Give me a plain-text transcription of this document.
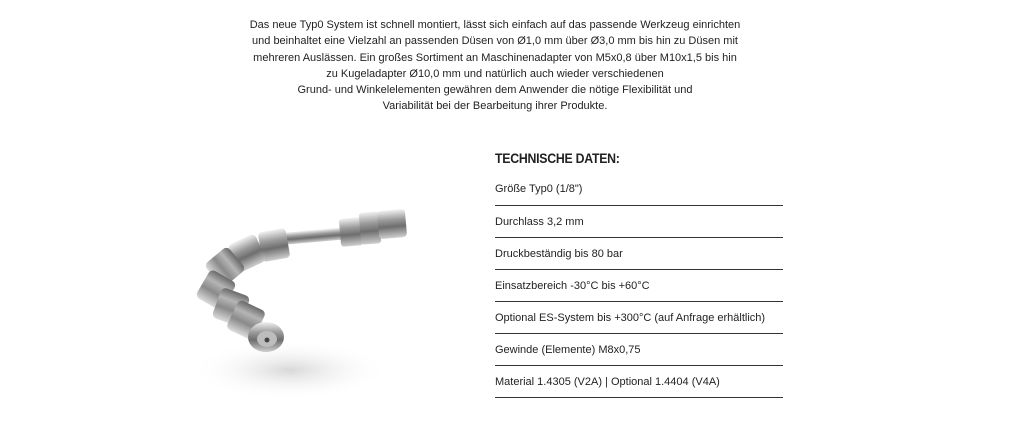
Das neue Typ0 System ist schnell montiert, lässt sich einfach auf das passende Werkzeug einrichten

und beinhaltet eine Vielzahl an passenden Düsen von Ø1,0 mm über Ø3,0 mm bis hin zu Düsen mit

mehreren Auslässen. Ein großes Sortiment an Maschinenadapter von M5x0,8 über M10x1,5 bis hin

zu Kugeladapter Ø10,0 mm und natürlich auch wieder verschiedenen

Grund- und Winkelelementen gewähren dem Anwender die nötige Flexibilität und

Variabilität bei der Bearbeitung ihrer Produkte.

TECHNISCHE DATEN:
Größe Typ0 (1/8")
Durchlass 3,2 mm
Druckbeständig bis 80 bar
Einsatzbereich -30°C bis +60°C
Optional ES-System bis +300°C (auf Anfrage erhältlich)
Gewinde (Elemente) M8x0,75
Material 1.4305 (V2A) | Optional 1.4404 (V4A)
